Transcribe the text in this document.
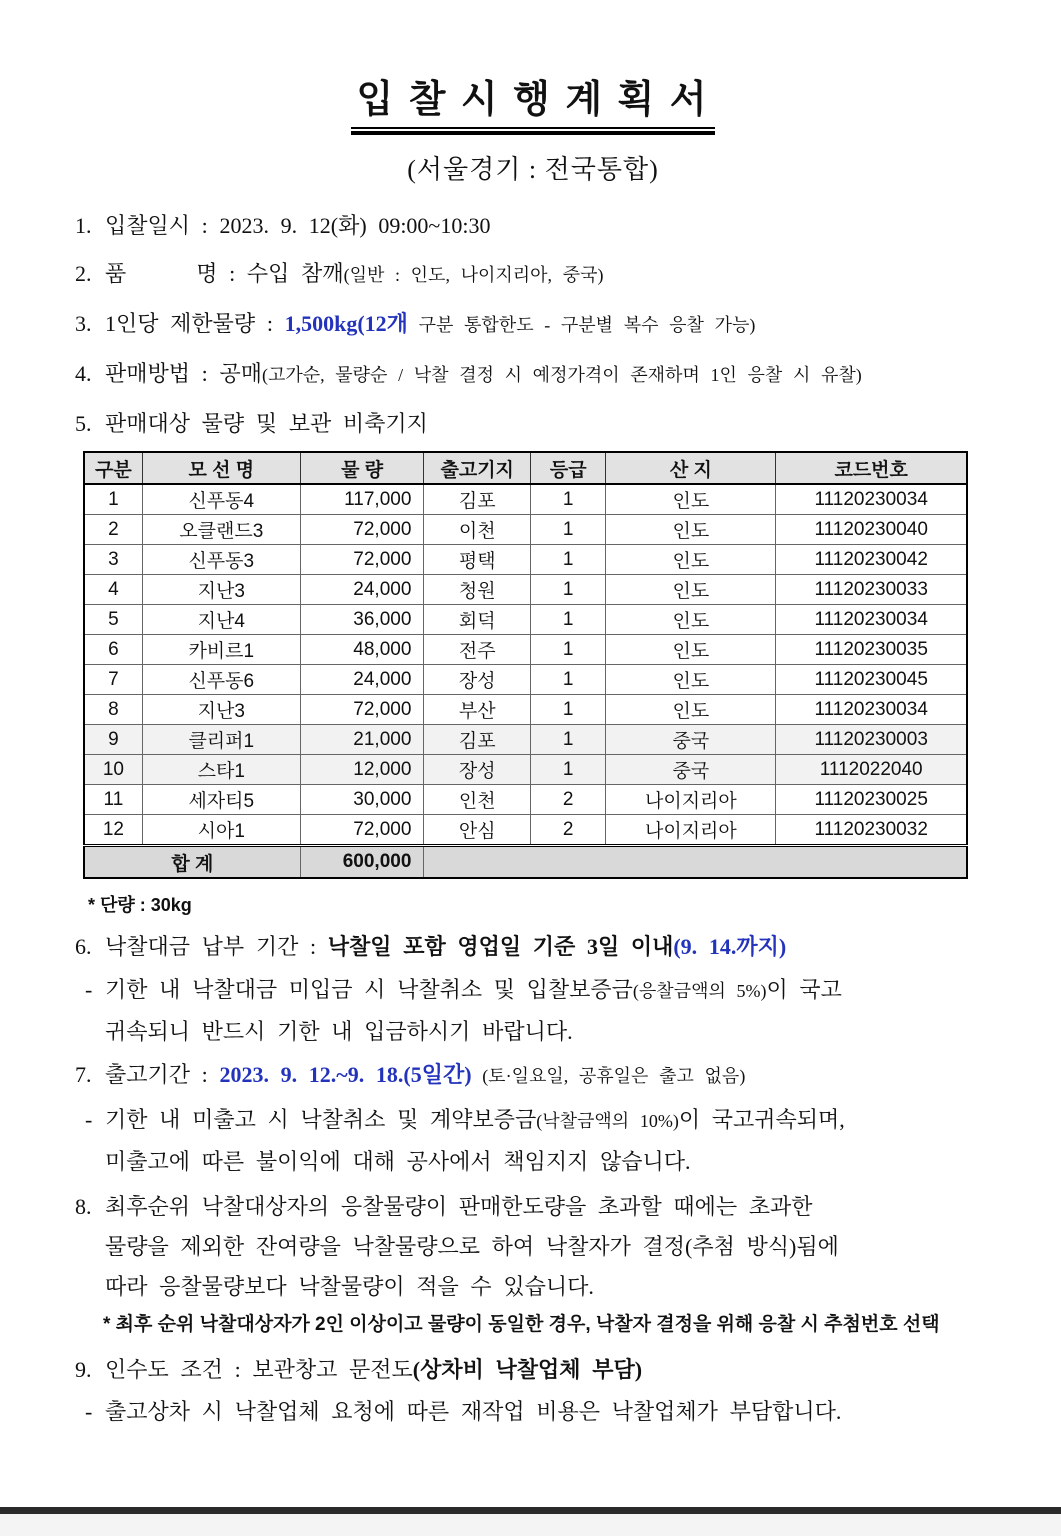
입 찰 시 행 계 획 서
(서울경기 : 전국통합)
1. 입찰일시 : 2023. 9. 12(화) 09:00~10:30
2. 품      명 : 수입 참깨(일반 : 인도, 나이지리아, 중국)
3. 1인당 제한물량 : 1,500kg(12개 구분 통합한도 - 구분별 복수 응찰 가능)
4. 판매방법 : 공매(고가순, 물량순 / 낙찰 결정 시 예정가격이 존재하며 1인 응찰 시 유찰)
5. 판매대상 물량 및 보관 비축기지
구분	모 선 명	물 량	출고기지	등급	산 지	코드번호
1	신푸동4	117,000	김포	1	인도	11120230034
2	오클랜드3	72,000	이천	1	인도	11120230040
3	신푸동3	72,000	평택	1	인도	11120230042
4	지난3	24,000	청원	1	인도	11120230033
5	지난4	36,000	회덕	1	인도	11120230034
6	카비르1	48,000	전주	1	인도	11120230035
7	신푸동6	24,000	장성	1	인도	11120230045
8	지난3	72,000	부산	1	인도	11120230034
9	클리퍼1	21,000	김포	1	중국	11120230003
10	스타1	12,000	장성	1	중국	1112022040
11	세자티5	30,000	인천	2	나이지리아	11120230025
12	시아1	72,000	안심	2	나이지리아	11120230032
합 계		600,000				
* 단량 : 30kg
6. 낙찰대금 납부 기간 : 낙찰일 포함 영업일 기준 3일 이내(9. 14.까지)
- 기한 내 낙찰대금 미입금 시 낙찰취소 및 입찰보증금(응찰금액의 5%)이 국고
귀속되니 반드시 기한 내 입금하시기 바랍니다.
7. 출고기간 : 2023. 9. 12.~9. 18.(5일간) (토·일요일, 공휴일은 출고 없음)
- 기한 내 미출고 시 낙찰취소 및 계약보증금(낙찰금액의 10%)이 국고귀속되며,
미출고에 따른 불이익에 대해 공사에서 책임지지 않습니다.
8. 최후순위 낙찰대상자의 응찰물량이 판매한도량을 초과할 때에는 초과한
물량을 제외한 잔여량을 낙찰물량으로 하여 낙찰자가 결정(추첨 방식)됨에
따라 응찰물량보다 낙찰물량이 적을 수 있습니다.
* 최후 순위 낙찰대상자가 2인 이상이고 물량이 동일한 경우, 낙찰자 결정을 위해 응찰 시 추첨번호 선택
9. 인수도 조건 : 보관창고 문전도(상차비 낙찰업체 부담)
- 출고상차 시 낙찰업체 요청에 따른 재작업 비용은 낙찰업체가 부담합니다.
